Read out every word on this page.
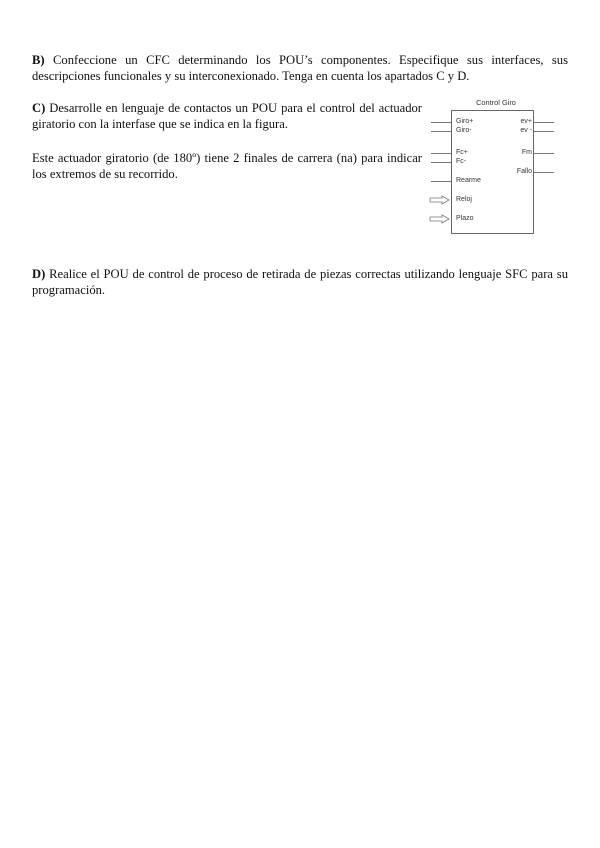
B) Confeccione un CFC determinando los POU’s componentes. Especifique sus interfaces, sus descripciones funcionales y su interconexionado. Tenga en cuenta los apartados C y D.
C) Desarrolle en lenguaje de contactos un POU para el control del actuador giratorio con la interfase que se indica en la figura.
Este actuador giratorio (de 180º) tiene 2 finales de carrera (na) para indicar los extremos de su recorrido.
Control Giro
Giro+
Giro-
Fc+
Fc-
Rearme
Reloj
Plazo
ev+
ev -
Fm
Fallo
D) Realice el POU de control de proceso de retirada de piezas correctas utilizando lenguaje SFC para su programación.
